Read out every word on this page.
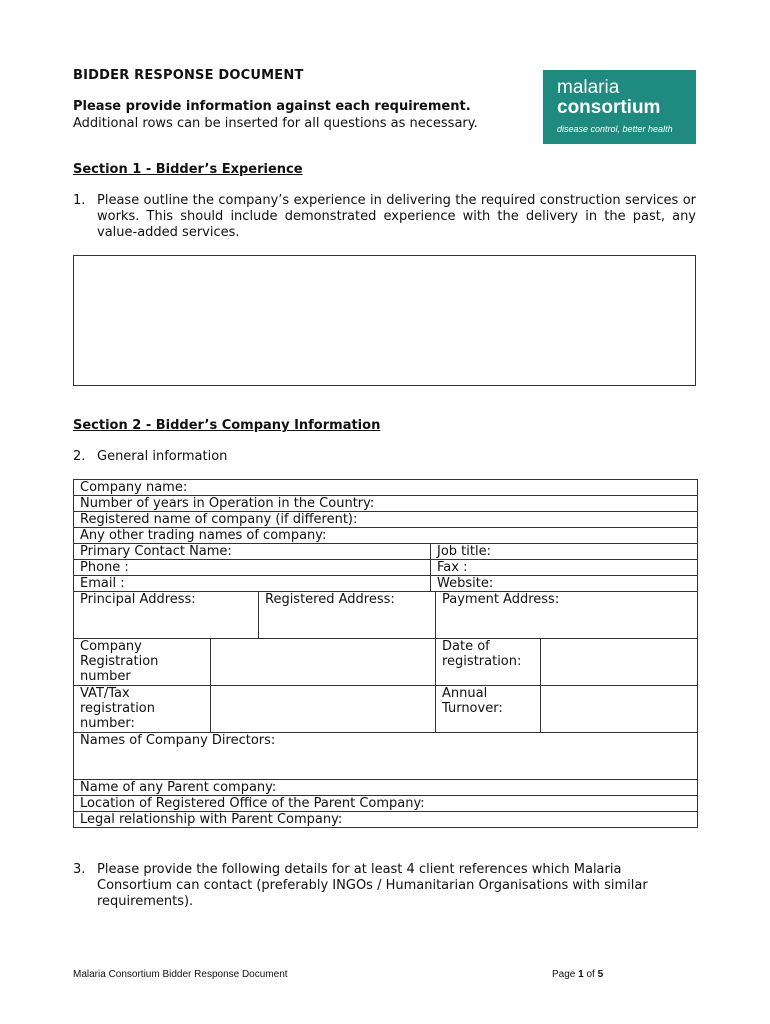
BIDDER RESPONSE DOCUMENT
Please provide information against each requirement.
Additional rows can be inserted for all questions as necessary.
malaria
consortium
disease control, better health
Section 1 - Bidder’s Experience
1. Please outline the company’s experience in delivering the required construction services or works. This should include demonstrated experience with the delivery in the past, any value-added services.
Section 2 - Bidder’s Company Information
2. General information
Company name:					
Number of years in Operation in the Country:					
Registered name of company (if different):					
Any other trading names of company:					
Primary Contact Name:			Job title:		
Phone :			Fax :		
Email :			Website:		
Principal Address:		Registered Address:		Payment Address:	
Company Registration number				Date of registration:	
VAT/Tax registration number:				Annual Turnover:	
Names of Company Directors:					
Name of any Parent company:					
Location of Registered Office of the Parent Company:					
Legal relationship with Parent Company:					
3. Please provide the following details for at least 4 client references which Malaria Consortium can contact (preferably INGOs / Humanitarian Organisations with similar requirements).
Malaria Consortium Bidder Response Document	Page 1 of 5
